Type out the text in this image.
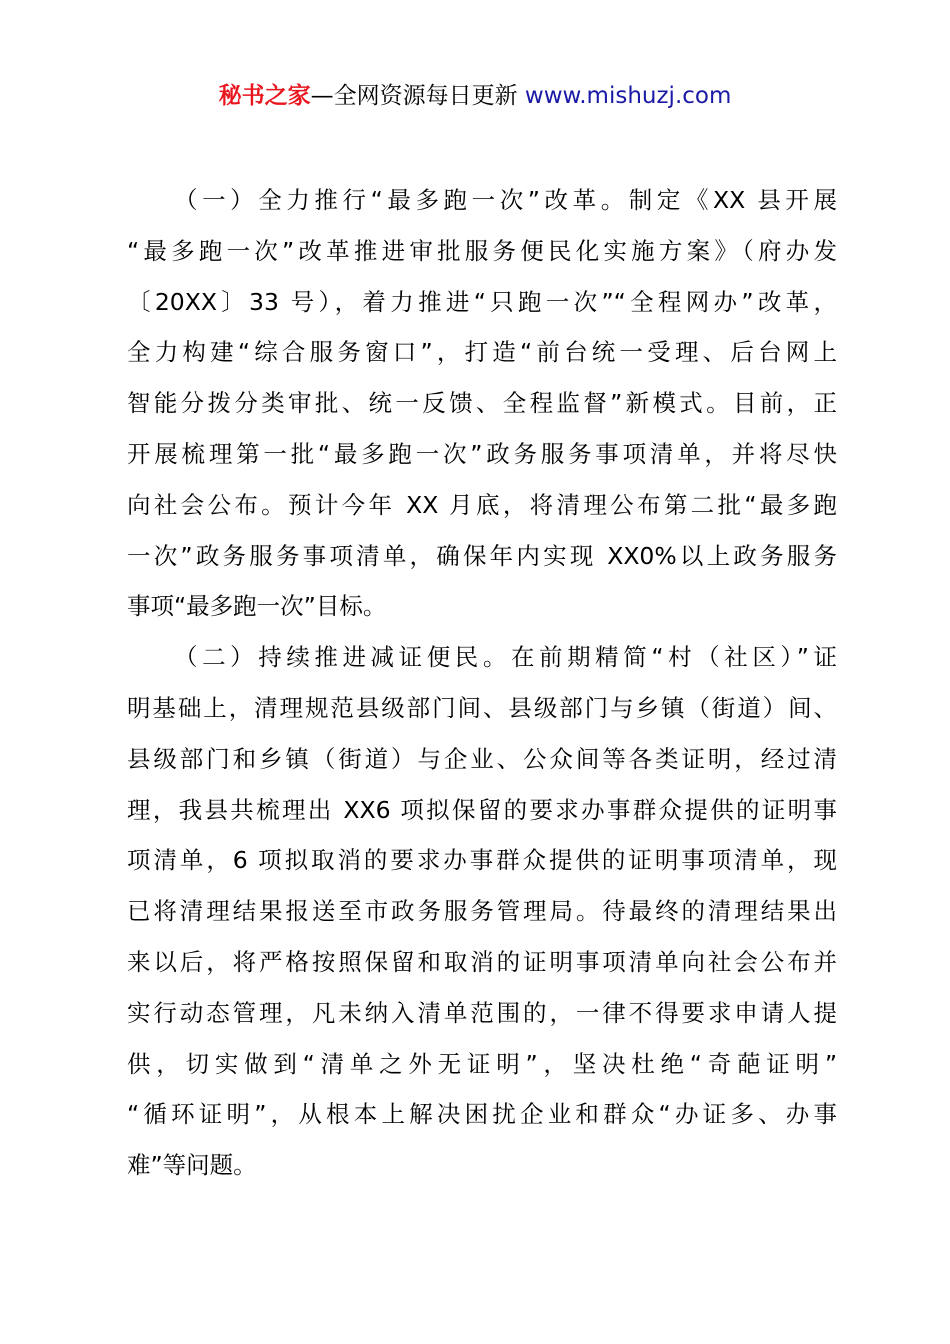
秘书之家—全网资源每日更新 www.mishuzj.com
（一）全力推行“最多跑一次”改革。制定《XX 县开展
“最多跑一次”改革推进审批服务便民化实施方案》（府办发
〔20XX〕33 号），着力推进“只跑一次”“全程网办”改革，
全力构建“综合服务窗口”，打造“前台统一受理、后台网上
智能分拨分类审批、统一反馈、全程监督”新模式。目前，正
开展梳理第一批“最多跑一次”政务服务事项清单，并将尽快
向社会公布。预计今年 XX 月底，将清理公布第二批“最多跑
一次”政务服务事项清单，确保年内实现 XX0%以上政务服务
事项“最多跑一次”目标。
（二）持续推进减证便民。在前期精简“村（社区）”证
明基础上，清理规范县级部门间、县级部门与乡镇（街道）间、
县级部门和乡镇（街道）与企业、公众间等各类证明，经过清
理，我县共梳理出 XX6 项拟保留的要求办事群众提供的证明事
项清单，6 项拟取消的要求办事群众提供的证明事项清单，现
已将清理结果报送至市政务服务管理局。待最终的清理结果出
来以后，将严格按照保留和取消的证明事项清单向社会公布并
实行动态管理，凡未纳入清单范围的，一律不得要求申请人提
供，切实做到“清单之外无证明”，坚决杜绝“奇葩证明”
“循环证明”，从根本上解决困扰企业和群众“办证多、办事
难”等问题。
